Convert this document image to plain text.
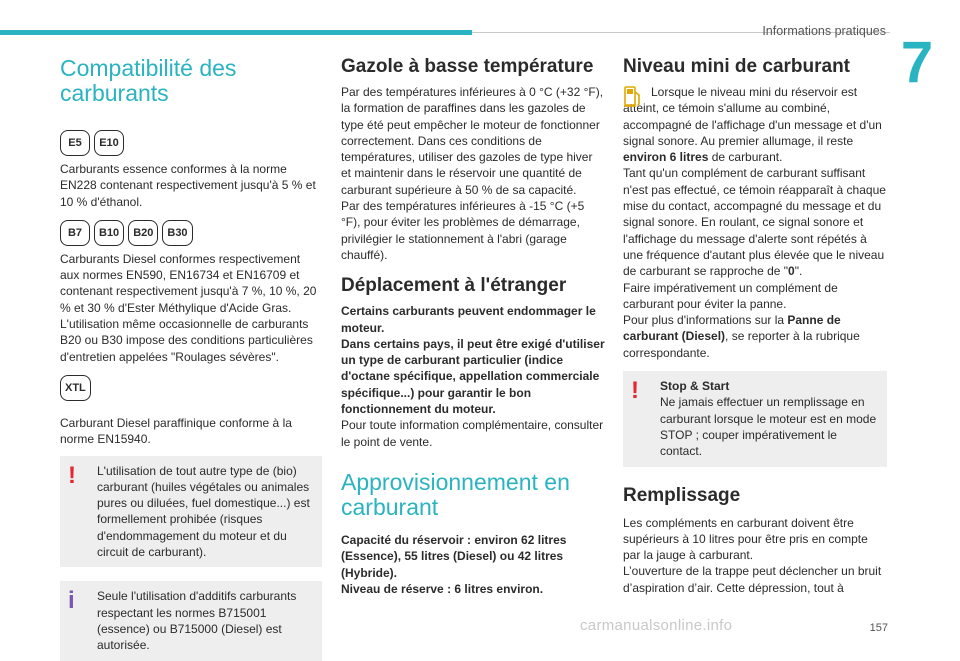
Informations pratiques 7
Compatibilité des carburants
E5	E10

Carburants essence conformes à la norme EN228 contenant respectivement jusqu'à 5 % et 10 % d'éthanol.

B7	B10	B20	B30

Carburants Diesel conformes respectivement aux normes EN590, EN16734 et EN16709 et contenant respectivement jusqu'à 7 %, 10 %, 20 % et 30 % d'Ester Méthylique d'Acide Gras. L'utilisation même occasionnelle de carburants B20 ou B30 impose des conditions particulières d'entretien appelées "Roulages sévères".

XTL

Carburant Diesel paraffinique conforme à la norme EN15940.

!	L'utilisation de tout autre type de (bio) carburant (huiles végétales ou animales pures ou diluées, fuel domestique...) est formellement prohibée (risques d'endommagement du moteur et du circuit de carburant).

i	Seule l'utilisation d'additifs carburants respectant les normes B715001 (essence) ou B715000 (Diesel) est autorisée.

Gazole à basse température

Par des températures inférieures à 0 °C (+32 °F), la formation de paraffines dans les gazoles de type été peut empêcher le moteur de fonctionner correctement. Dans ces conditions de températures, utiliser des gazoles de type hiver et maintenir dans le réservoir une quantité de carburant supérieure à 50 % de sa capacité.
Par des températures inférieures à -15 °C (+5 °F), pour éviter les problèmes de démarrage, privilégier le stationnement à l'abri (garage chauffé).

Déplacement à l'étranger

Certains carburants peuvent endommager le moteur.
Dans certains pays, il peut être exigé d'utiliser un type de carburant particulier (indice d'octane spécifique, appellation commerciale spécifique...) pour garantir le bon fonctionnement du moteur.

Pour toute information complémentaire, consulter le point de vente.

Approvisionnement en carburant

Capacité du réservoir : environ 62 litres (Essence), 55 litres (Diesel) ou 42 litres (Hybride).
Niveau de réserve : 6 litres environ.

Niveau mini de carburant

Lorsque le niveau mini du réservoir est atteint, ce témoin s'allume au combiné, accompagné de l'affichage d'un message et d'un signal sonore. Au premier allumage, il reste environ 6 litres de carburant.

Tant qu'un complément de carburant suffisant n'est pas effectué, ce témoin réapparaît à chaque mise du contact, accompagné du message et du signal sonore. En roulant, ce signal sonore et l'affichage du message d'alerte sont répétés à une fréquence d'autant plus élevée que le niveau de carburant se rapproche de "0".

Faire impérativement un complément de carburant pour éviter la panne.

Pour plus d'informations sur la Panne de carburant (Diesel), se reporter à la rubrique correspondante.

!	Stop & Start

Ne jamais effectuer un remplissage en carburant lorsque le moteur est en mode STOP ; couper impérativement le contact.

Remplissage

Les compléments en carburant doivent être supérieurs à 10 litres pour être pris en compte par la jauge à carburant.
L’ouverture de la trappe peut déclencher un bruit d’aspiration d’air. Cette dépression, tout à

carmanualsonline.info	157
